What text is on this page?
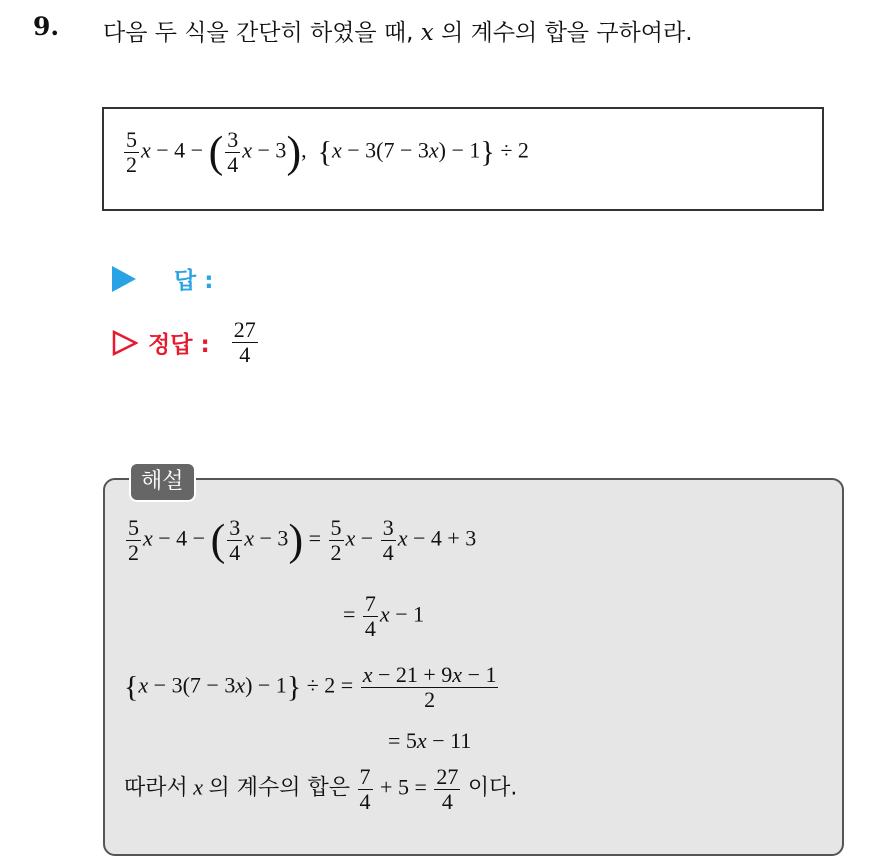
9. 다음 두 식을 간단히 하였을 때, x 의 계수의 합을 구하여라.
$\frac{5}{2}$ x − 4 − ( $\frac{3}{4}$ x − 3), {x − 3(7 − 3x) − 1} ÷ 2
답 :
정답 : $\frac{27}{4}$
해설
$\frac{5}{2}$ x − 4 − ( $\frac{3}{4}$ $x - 3) = \frac{5}{2}$ $x - \frac{3}{4}$ x − 4 + 3
= $\frac{7}{4}$ x − 1
$\{x - 3(7 - 3x) - 1\} \div 2 = \frac{x - 21 + 9x - 1}{2}$
= 5x − 11
따라서 x 의 계수의 합은 $\frac{7}{4} + 5 = \frac{27}{4}$ 이다.
